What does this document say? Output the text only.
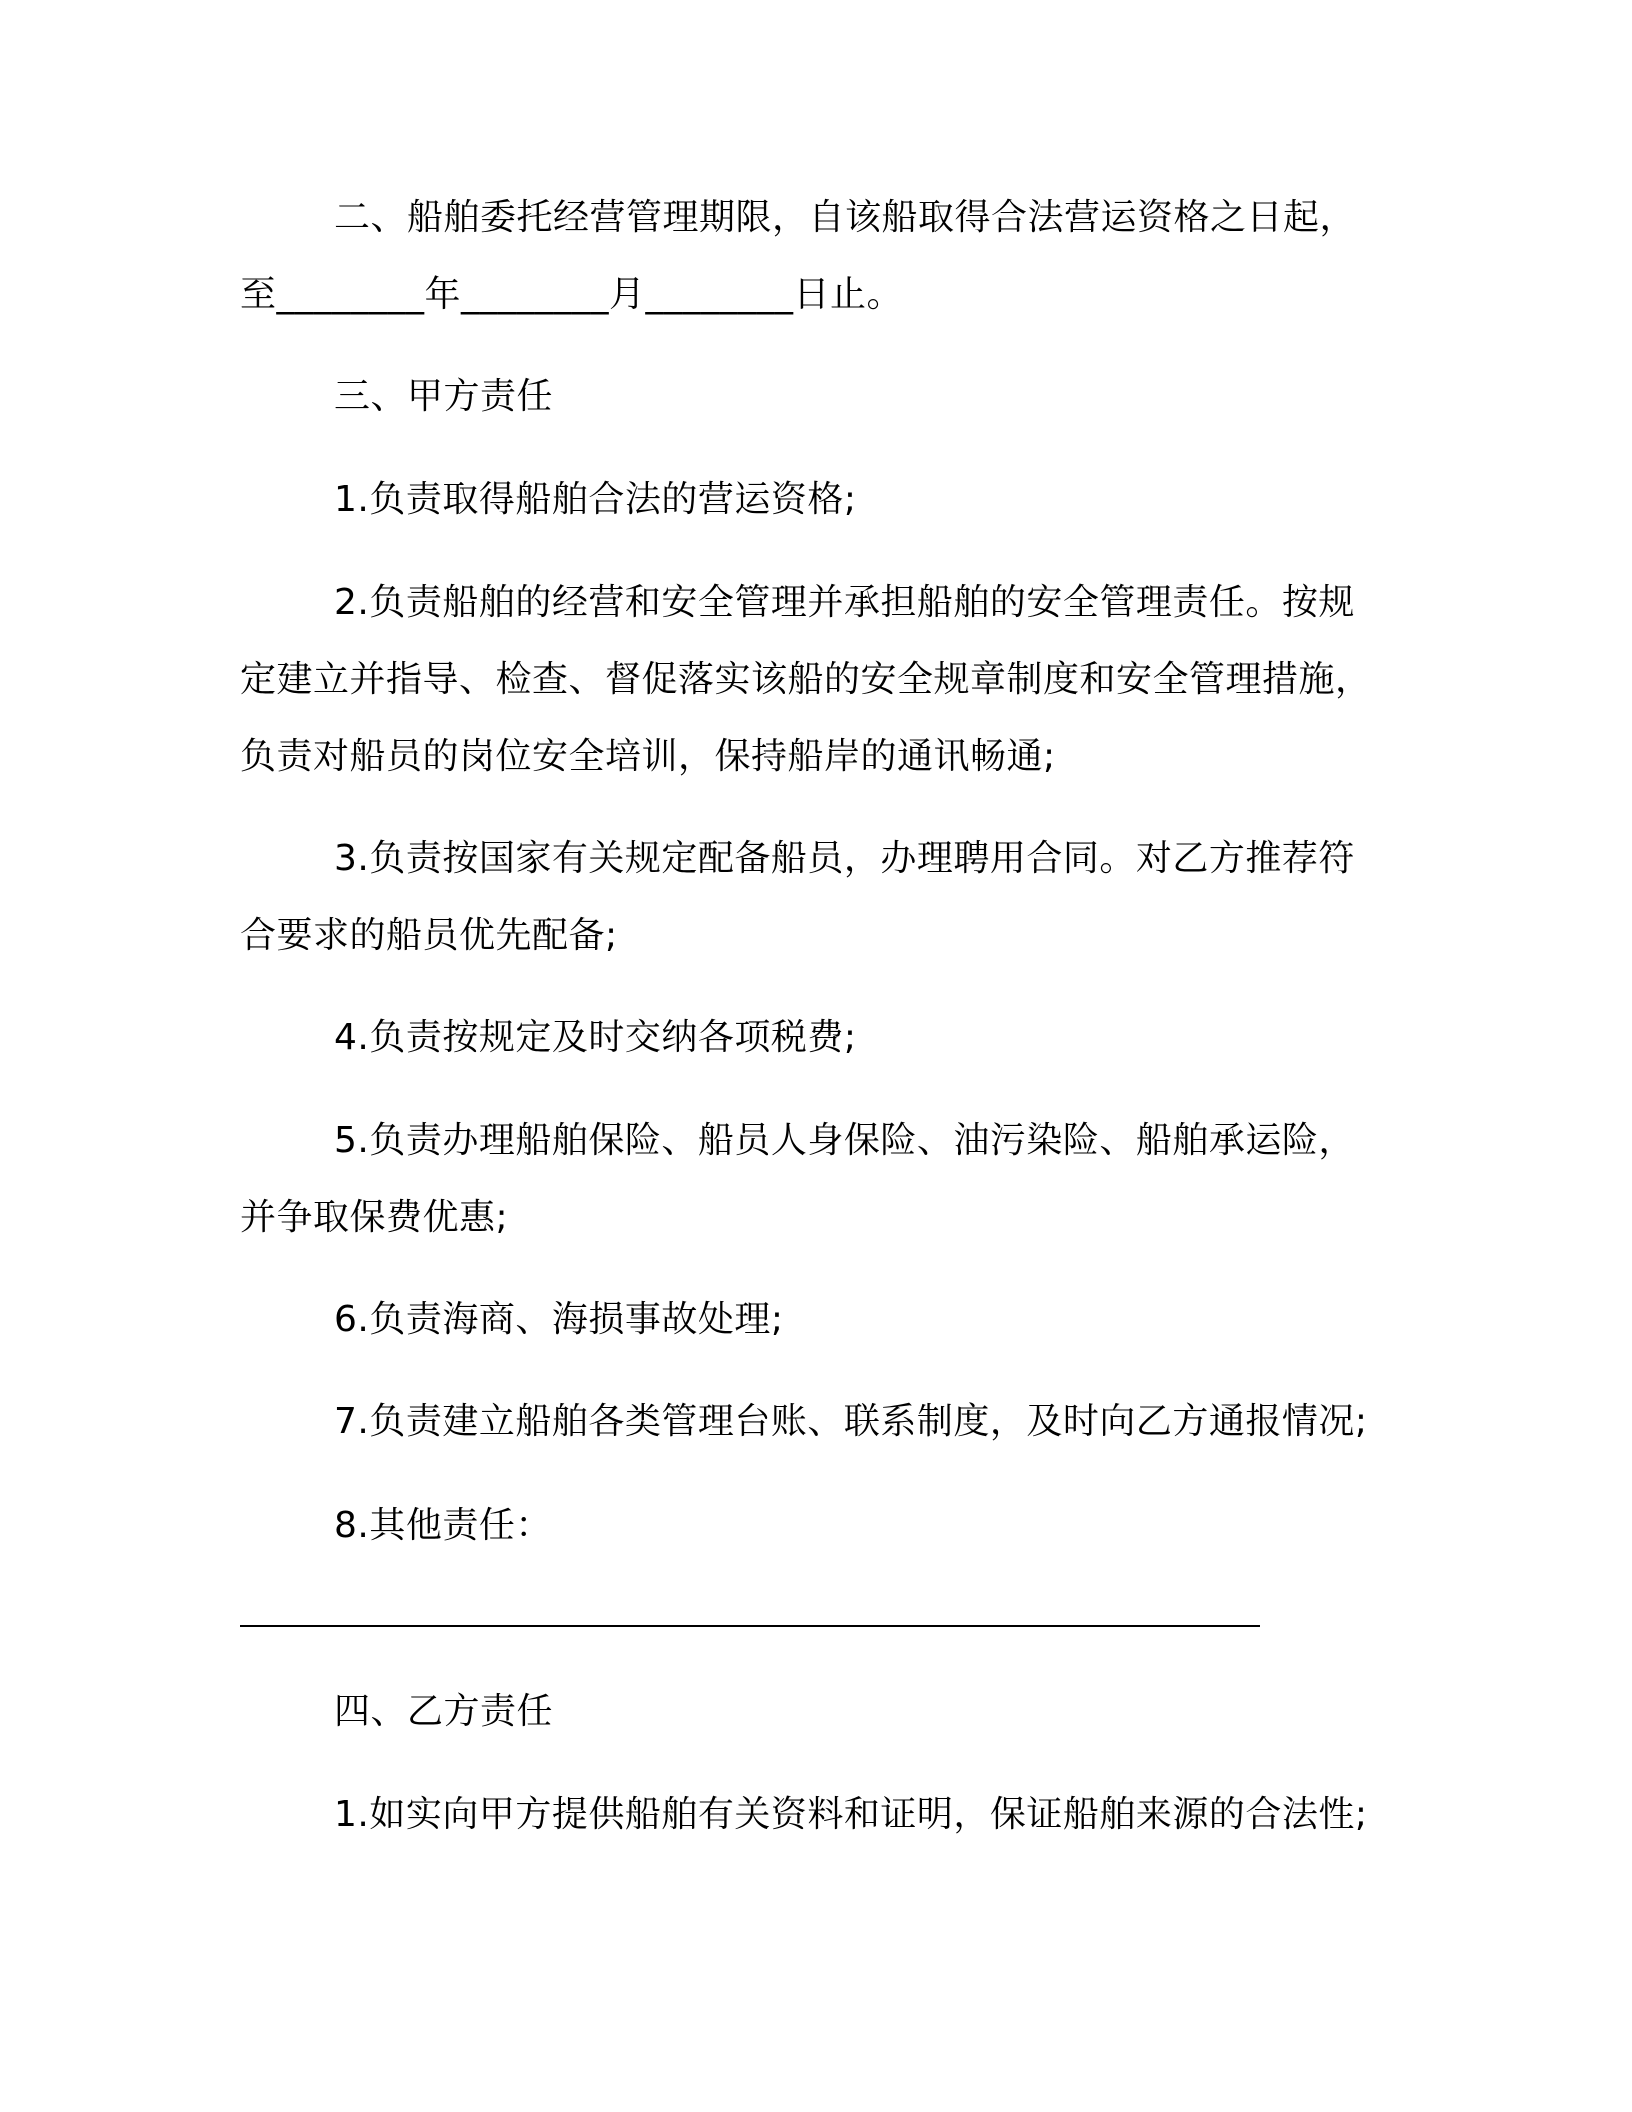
二、船舶委托经营管理期限，自该船取得合法营运资格之日起，
至________年________月________日止。
三、甲方责任
1.负责取得船舶合法的营运资格;
2.负责船舶的经营和安全管理并承担船舶的安全管理责任。按规
定建立并指导、检查、督促落实该船的安全规章制度和安全管理措施，
负责对船员的岗位安全培训，保持船岸的通讯畅通;
3.负责按国家有关规定配备船员，办理聘用合同。对乙方推荐符
合要求的船员优先配备;
4.负责按规定及时交纳各项税费;
5.负责办理船舶保险、船员人身保险、油污染险、船舶承运险，
并争取保费优惠;
6.负责海商、海损事故处理;
7.负责建立船舶各类管理台账、联系制度，及时向乙方通报情况;
8.其他责任：
四、乙方责任
1.如实向甲方提供船舶有关资料和证明，保证船舶来源的合法性;
